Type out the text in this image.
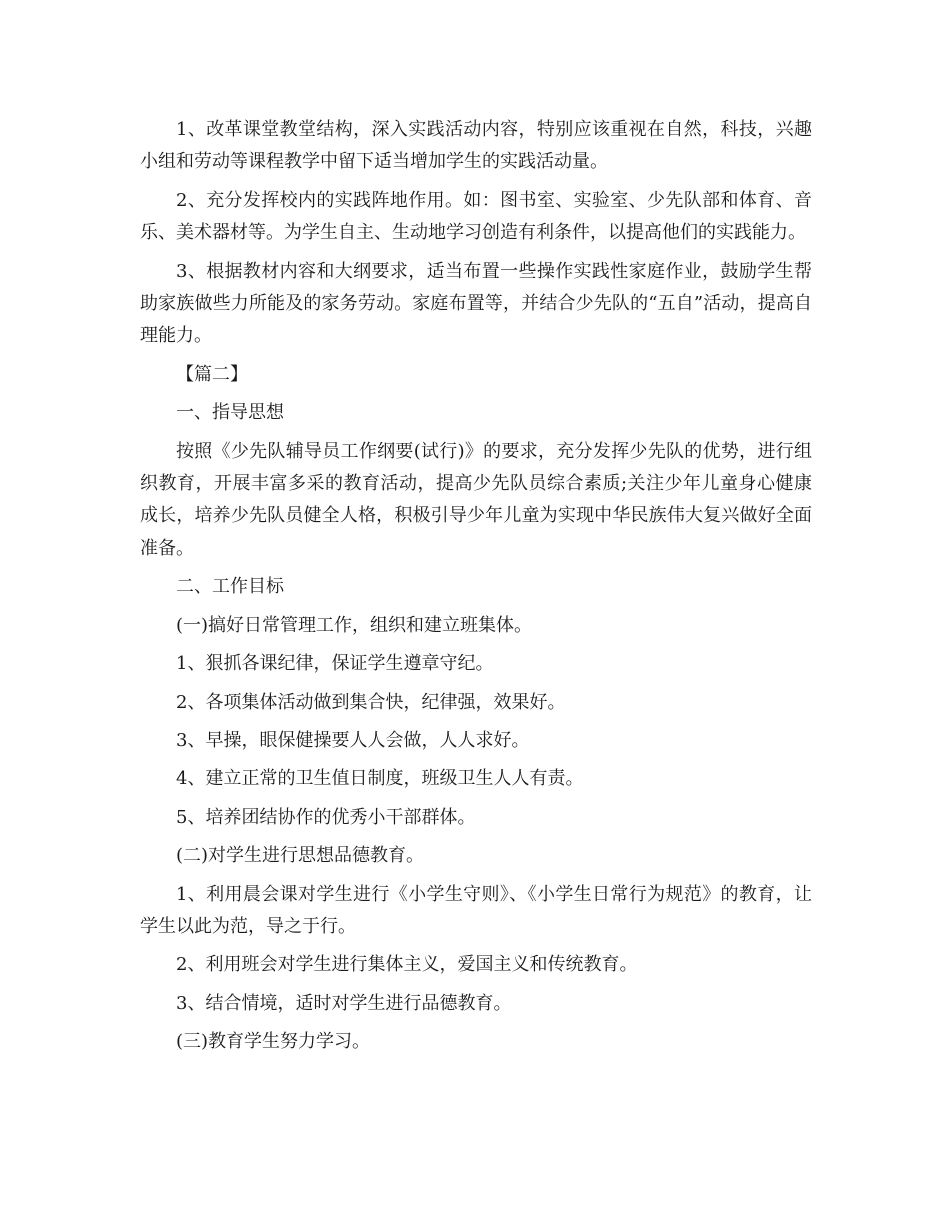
1、改革课堂教堂结构，深入实践活动内容，特别应该重视在自然，科技，兴趣小组和劳动等课程教学中留下适当增加学生的实践活动量。

2、充分发挥校内的实践阵地作用。如：图书室、实验室、少先队部和体育、音乐、美术器材等。为学生自主、生动地学习创造有利条件，以提高他们的实践能力。

3、根据教材内容和大纲要求，适当布置一些操作实践性家庭作业，鼓励学生帮助家族做些力所能及的家务劳动。家庭布置等，并结合少先队的“五自”活动，提高自理能力。

【篇二】

一、指导思想

按照《少先队辅导员工作纲要(试行)》的要求，充分发挥少先队的优势，进行组织教育，开展丰富多采的教育活动，提高少先队员综合素质;关注少年儿童身心健康成长，培养少先队员健全人格，积极引导少年儿童为实现中华民族伟大复兴做好全面准备。

二、工作目标

(一)搞好日常管理工作，组织和建立班集体。

1、狠抓各课纪律，保证学生遵章守纪。

2、各项集体活动做到集合快，纪律强，效果好。

3、早操，眼保健操要人人会做，人人求好。

4、建立正常的卫生值日制度，班级卫生人人有责。

5、培养团结协作的优秀小干部群体。

(二)对学生进行思想品德教育。

1、利用晨会课对学生进行《小学生守则》、《小学生日常行为规范》的教育，让学生以此为范，导之于行。

2、利用班会对学生进行集体主义，爱国主义和传统教育。

3、结合情境，适时对学生进行品德教育。

(三)教育学生努力学习。
